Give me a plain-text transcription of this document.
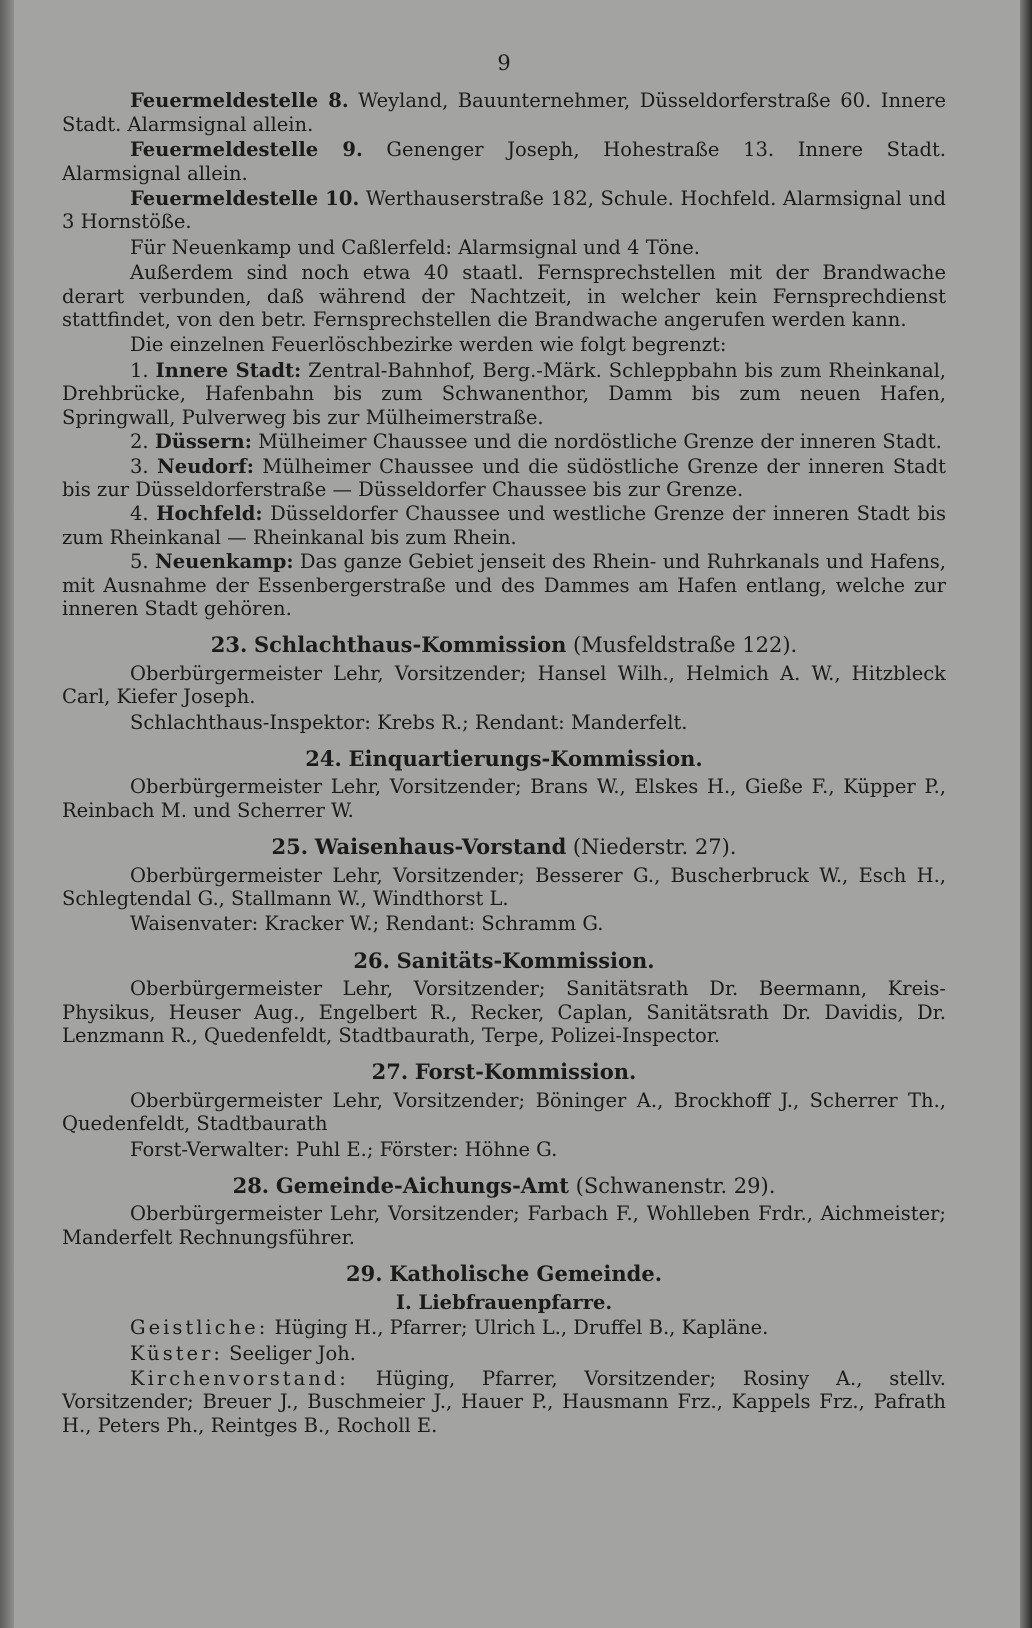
9

Feuermeldestelle 8. Weyland, Bauunternehmer, Düsseldorferstraße 60. Innere Stadt. Alarmsignal allein.

Feuermeldestelle 9. Genenger Joseph, Hohestraße 13. Innere Stadt. Alarmsignal allein.

Feuermeldestelle 10. Werthauserstraße 182, Schule. Hochfeld. Alarmsignal und 3 Hornstöße.

Für Neuenkamp und Caßlerfeld: Alarmsignal und 4 Töne.

Außerdem sind noch etwa 40 staatl. Fernsprechstellen mit der Brandwache derart verbunden, daß während der Nachtzeit, in welcher kein Fernsprechdienst stattfindet, von den betr. Fernsprechstellen die Brandwache angerufen werden kann.

Die einzelnen Feuerlöschbezirke werden wie folgt begrenzt:

1. Innere Stadt: Zentral-Bahnhof, Berg.-Märk. Schleppbahn bis zum Rheinkanal, Drehbrücke, Hafenbahn bis zum Schwanenthor, Damm bis zum neuen Hafen, Springwall, Pulverweg bis zur Mülheimerstraße.

2. Düssern: Mülheimer Chaussee und die nordöstliche Grenze der inneren Stadt.

3. Neudorf: Mülheimer Chaussee und die südöstliche Grenze der inneren Stadt bis zur Düsseldorferstraße — Düsseldorfer Chaussee bis zur Grenze.

4. Hochfeld: Düsseldorfer Chaussee und westliche Grenze der inneren Stadt bis zum Rheinkanal — Rheinkanal bis zum Rhein.

5. Neuenkamp: Das ganze Gebiet jenseit des Rhein- und Ruhrkanals und Hafens, mit Ausnahme der Essenbergerstraße und des Dammes am Hafen entlang, welche zur inneren Stadt gehören.

23. Schlachthaus-Kommission (Musfeldstraße 122).

Oberbürgermeister Lehr, Vorsitzender; Hansel Wilh., Helmich A. W., Hitzbleck Carl, Kiefer Joseph.

Schlachthaus-Inspektor: Krebs R.; Rendant: Manderfelt.

24. Einquartierungs-Kommission.

Oberbürgermeister Lehr, Vorsitzender; Brans W., Elskes H., Gieße F., Küpper P., Reinbach M. und Scherrer W.

25. Waisenhaus-Vorstand (Niederstr. 27).

Oberbürgermeister Lehr, Vorsitzender; Besserer G., Buscherbruck W., Esch H., Schlegtendal G., Stallmann W., Windthorst L.

Waisenvater: Kracker W.; Rendant: Schramm G.

26. Sanitäts-Kommission.

Oberbürgermeister Lehr, Vorsitzender; Sanitätsrath Dr. Beermann, Kreis-Physikus, Heuser Aug., Engelbert R., Recker, Caplan, Sanitätsrath Dr. Davidis, Dr. Lenzmann R., Quedenfeldt, Stadtbaurath, Terpe, Polizei-Inspector.

27. Forst-Kommission.

Oberbürgermeister Lehr, Vorsitzender; Böninger A., Brockhoff J., Scherrer Th., Quedenfeldt, Stadtbaurath

Forst-Verwalter: Puhl E.; Förster: Höhne G.

28. Gemeinde-Aichungs-Amt (Schwanenstr. 29).

Oberbürgermeister Lehr, Vorsitzender; Farbach F., Wohlleben Frdr., Aichmeister; Manderfelt Rechnungsführer.

29. Katholische Gemeinde.
I. Liebfrauenpfarre.

Geistliche: Hüging H., Pfarrer; Ulrich L., Druffel B., Kapläne.

Küster: Seeliger Joh.

Kirchenvorstand: Hüging, Pfarrer, Vorsitzender; Rosiny A., stellv. Vorsitzender; Breuer J., Buschmeier J., Hauer P., Hausmann Frz., Kappels Frz., Pafrath H., Peters Ph., Reintges B., Rocholl E.
